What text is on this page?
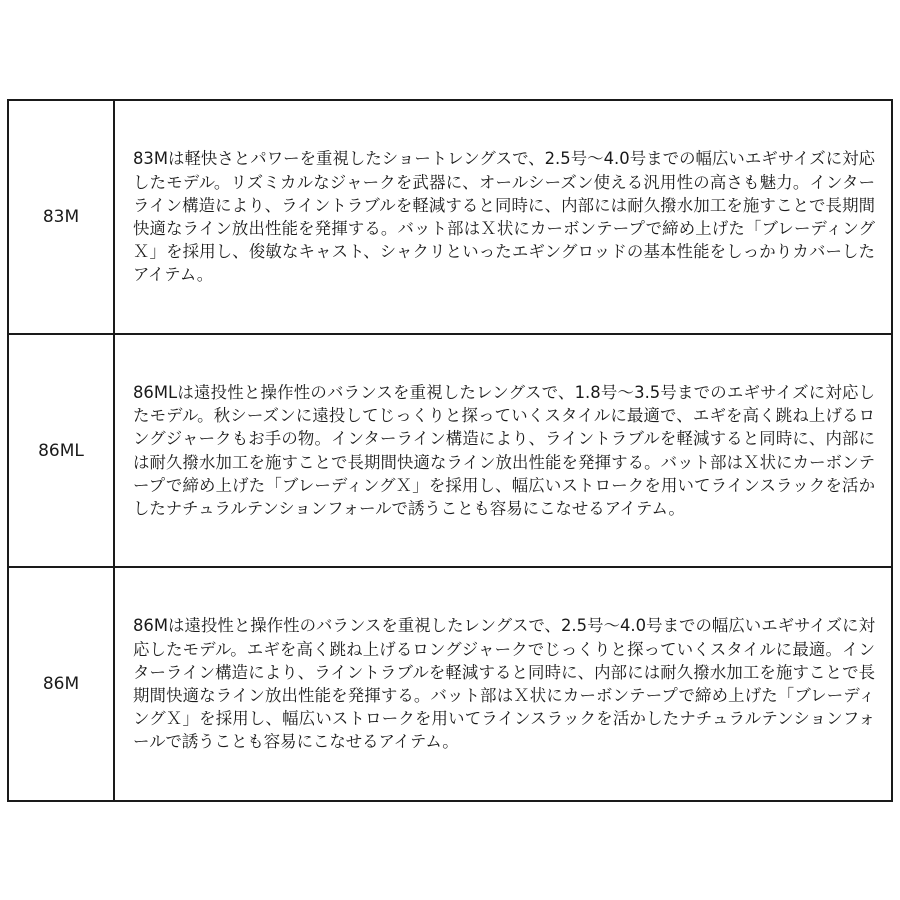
83M	83Mは軽快さとパワーを重視したショートレングスで、2.5号〜4.0号までの幅広いエギサイズに対応したモデル。リズミカルなジャークを武器に、オールシーズン使える汎用性の高さも魅力。インターライン構造により、ライントラブルを軽減すると同時に、内部には耐久撥水加工を施すことで長期間快適なライン放出性能を発揮する。バット部はＸ状にカーボンテープで締め上げた「ブレーディングＸ」を採用し、俊敏なキャスト、シャクリといったエギングロッドの基本性能をしっかりカバーしたアイテム。
86ML	86MLは遠投性と操作性のバランスを重視したレングスで、1.8号〜3.5号までのエギサイズに対応したモデル。秋シーズンに遠投してじっくりと探っていくスタイルに最適で、エギを高く跳ね上げるロングジャークもお手の物。インターライン構造により、ライントラブルを軽減すると同時に、内部には耐久撥水加工を施すことで長期間快適なライン放出性能を発揮する。バット部はＸ状にカーボンテープで締め上げた「ブレーディングＸ」を採用し、幅広いストロークを用いてラインスラックを活かしたナチュラルテンションフォールで誘うことも容易にこなせるアイテム。
86M	86Mは遠投性と操作性のバランスを重視したレングスで、2.5号〜4.0号までの幅広いエギサイズに対応したモデル。エギを高く跳ね上げるロングジャークでじっくりと探っていくスタイルに最適。インターライン構造により、ライントラブルを軽減すると同時に、内部には耐久撥水加工を施すことで長期間快適なライン放出性能を発揮する。バット部はＸ状にカーボンテープで締め上げた「ブレーディングＸ」を採用し、幅広いストロークを用いてラインスラックを活かしたナチュラルテンションフォールで誘うことも容易にこなせるアイテム。
